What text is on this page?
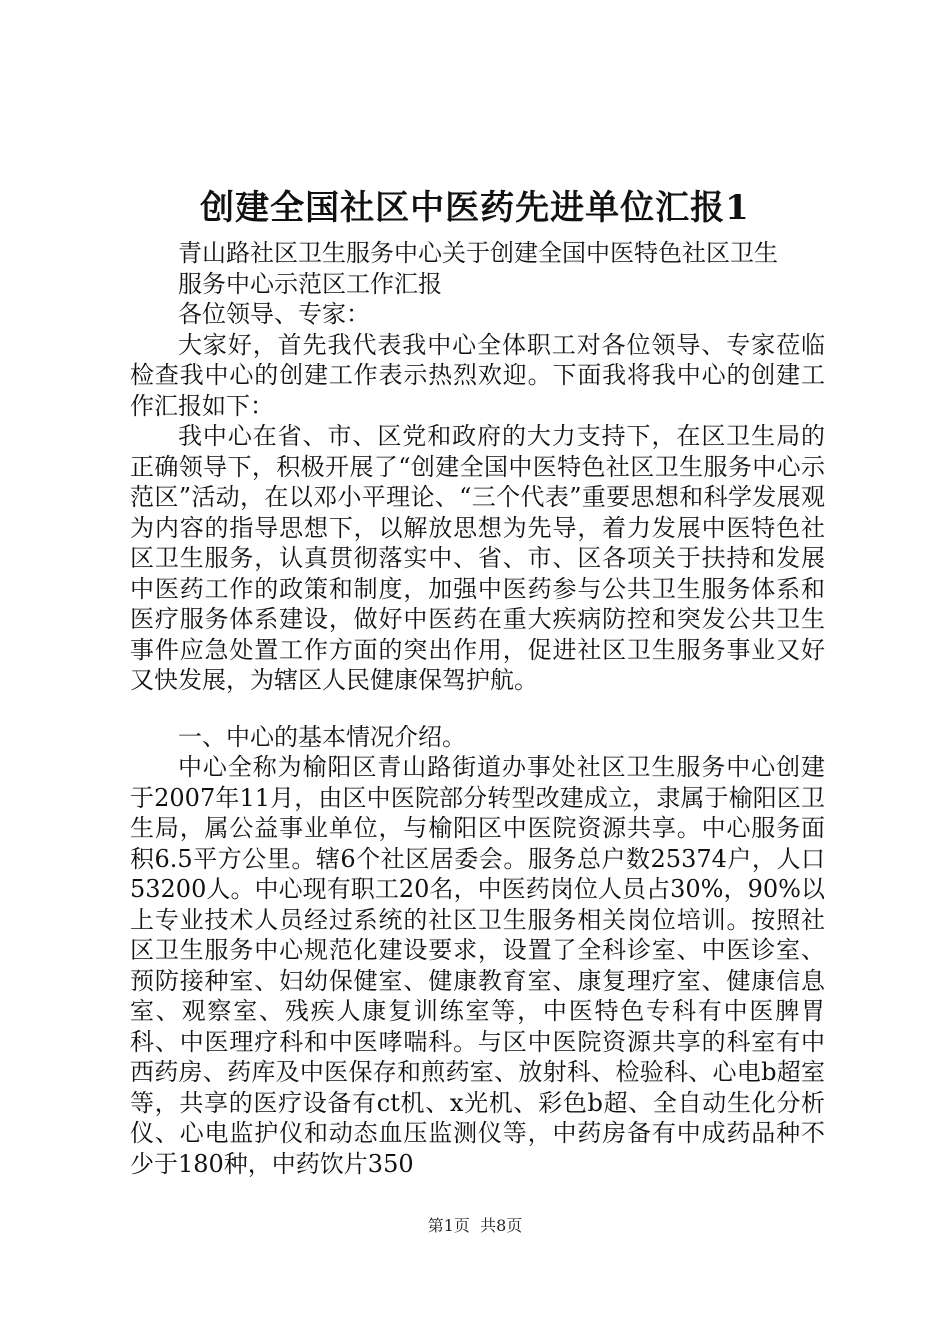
创建全国社区中医药先进单位汇报1

青山路社区卫生服务中心关于创建全国中医特色社区卫生

服务中心示范区工作汇报

各位领导、专家：

大家好，首先我代表我中心全体职工对各位领导、专家莅临检查我中心的创建工作表示热烈欢迎。下面我将我中心的创建工作汇报如下：

我中心在省、市、区党和政府的大力支持下，在区卫生局的正确领导下，积极开展了“创建全国中医特色社区卫生服务中心示范区”活动，在以邓小平理论、“三个代表”重要思想和科学发展观为内容的指导思想下，以解放思想为先导，着力发展中医特色社区卫生服务，认真贯彻落实中、省、市、区各项关于扶持和发展中医药工作的政策和制度，加强中医药参与公共卫生服务体系和医疗服务体系建设，做好中医药在重大疾病防控和突发公共卫生事件应急处置工作方面的突出作用，促进社区卫生服务事业又好又快发展，为辖区人民健康保驾护航。

一、中心的基本情况介绍。

中心全称为榆阳区青山路街道办事处社区卫生服务中心创建于2007年11月，由区中医院部分转型改建成立，隶属于榆阳区卫生局，属公益事业单位，与榆阳区中医院资源共享。中心服务面积6.5平方公里。辖6个社区居委会。服务总户数25374户，人口53200人。中心现有职工20名，中医药岗位人员占30%，90%以上专业技术人员经过系统的社区卫生服务相关岗位培训。按照社区卫生服务中心规范化建设要求，设置了全科诊室、中医诊室、预防接种室、妇幼保健室、健康教育室、康复理疗室、健康信息室、观察室、残疾人康复训练室等，中医特色专科有中医脾胃科、中医理疗科和中医哮喘科。与区中医院资源共享的科室有中西药房、药库及中医保存和煎药室、放射科、检验科、心电b超室等，共享的医疗设备有ct机、x光机、彩色b超、全自动生化分析仪、心电监护仪和动态血压监测仪等，中药房备有中成药品种不少于180种，中药饮片350

第1页  共8页
